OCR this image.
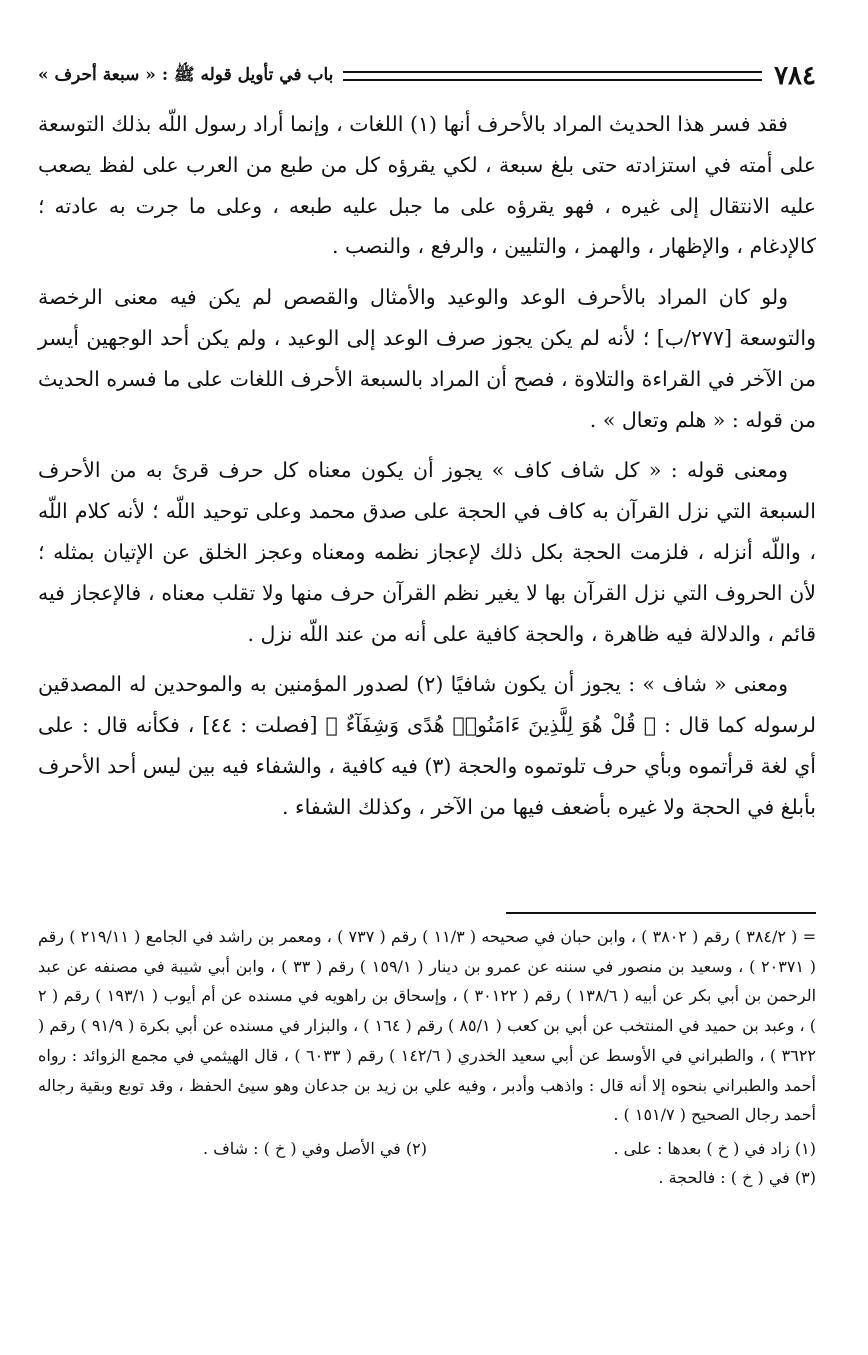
٧٨٤
باب في تأويل قوله ﷺ : « سبعة أحرف »

فقد فسر هذا الحديث المراد بالأحرف أنها (١) اللغات ، وإنما أراد رسول اللّه بذلك التوسعة على أمته في استزادته حتى بلغ سبعة ، لكي يقرؤه كل من طبع من العرب على لفظ يصعب عليه الانتقال إلى غيره ، فهو يقرؤه على ما جبل عليه طبعه ، وعلى ما جرت به عادته ؛ كالإدغام ، والإظهار ، والهمز ، والتليين ، والرفع ، والنصب .

ولو كان المراد بالأحرف الوعد والوعيد والأمثال والقصص لم يكن فيه معنى الرخصة والتوسعة [٢٧٧/ب] ؛ لأنه لم يكن يجوز صرف الوعد إلى الوعيد ، ولم يكن أحد الوجهين أيسر من الآخر في القراءة والتلاوة ، فصح أن المراد بالسبعة الأحرف اللغات على ما فسره الحديث من قوله : « هلم وتعال » .

ومعنى قوله : « كل شاف كاف » يجوز أن يكون معناه كل حرف قرئ به من الأحرف السبعة التي نزل القرآن به كاف في الحجة على صدق محمد وعلى توحيد اللّه ؛ لأنه كلام اللّه ، واللّه أنزله ، فلزمت الحجة بكل ذلك لإعجاز نظمه ومعناه وعجز الخلق عن الإتيان بمثله ؛ لأن الحروف التي نزل القرآن بها لا يغير نظم القرآن حرف منها ولا تقلب معناه ، فالإعجاز فيه قائم ، والدلالة فيه ظاهرة ، والحجة كافية على أنه من عند اللّه نزل .

ومعنى « شاف » : يجوز أن يكون شافيًا (٢) لصدور المؤمنين به والموحدين له المصدقين لرسوله كما قال : ﴿ قُلْ هُوَ لِلَّذِينَ ءَامَنُوا۟ هُدًى وَشِفَآءٌ ﴾ [فصلت : ٤٤] ، فكأنه قال : على أي لغة قرأتموه وبأي حرف تلوتموه والحجة (٣) فيه كافية ، والشفاء فيه بين ليس أحد الأحرف بأبلغ في الحجة ولا غيره بأضعف فيها من الآخر ، وكذلك الشفاء .

= ( ٣٨٤/٢ ) رقم ( ٣٨٠٢ ) ، وابن حبان في صحيحه ( ١١/٣ ) رقم ( ٧٣٧ ) ، ومعمر بن راشد في الجامع ( ٢١٩/١١ ) رقم ( ٢٠٣٧١ ) ، وسعيد بن منصور في سننه عن عمرو بن دينار ( ١٥٩/١ ) رقم ( ٣٣ ) ، وابن أبي شيبة في مصنفه عن عبد الرحمن بن أبي بكر عن أبيه ( ١٣٨/٦ ) رقم ( ٣٠١٢٢ ) ، وإسحاق بن راهويه في مسنده عن أم أيوب ( ١٩٣/١ ) رقم ( ٢ ) ، وعبد بن حميد في المنتخب عن أبي بن كعب ( ٨٥/١ ) رقم ( ١٦٤ ) ، والبزار في مسنده عن أبي بكرة ( ٩١/٩ ) رقم ( ٣٦٢٢ ) ، والطبراني في الأوسط عن أبي سعيد الخدري ( ١٤٢/٦ ) رقم ( ٦٠٣٣ ) ، قال الهيثمي في مجمع الزوائد : رواه أحمد والطبراني بنحوه إلا أنه قال : واذهب وأدبر ، وفيه علي بن زيد بن جدعان وهو سيئ الحفظ ، وقد توبع وبقية رجاله أحمد رجال الصحيح ( ١٥١/٧ ) .

(١) زاد في ( خ ) بعدها : على .
(٢) في الأصل وفي ( خ ) : شاف .
(٣) في ( خ ) : فالحجة .
